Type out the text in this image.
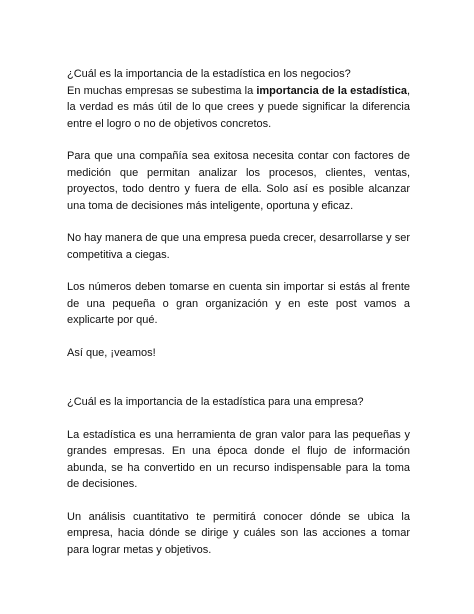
¿Cuál es la importancia de la estadística en los negocios?

En muchas empresas se subestima la importancia de la estadística, la verdad es más útil de lo que crees y puede significar la diferencia entre el logro o no de objetivos concretos.

Para que una compañía sea exitosa necesita contar con factores de medición que permitan analizar los procesos, clientes, ventas, proyectos, todo dentro y fuera de ella. Solo así es posible alcanzar una toma de decisiones más inteligente, oportuna y eficaz.

No hay manera de que una empresa pueda crecer, desarrollarse y ser competitiva a ciegas.

Los números deben tomarse en cuenta sin importar si estás al frente de una pequeña o gran organización y en este post vamos a explicarte por qué.

Así que, ¡veamos!

¿Cuál es la importancia de la estadística para una empresa?

La estadística es una herramienta de gran valor para las pequeñas y grandes empresas. En una época donde el flujo de información abunda, se ha convertido en un recurso indispensable para la toma de decisiones.

Un análisis cuantitativo te permitirá conocer dónde se ubica la empresa, hacia dónde se dirige y cuáles son las acciones a tomar para lograr metas y objetivos.
